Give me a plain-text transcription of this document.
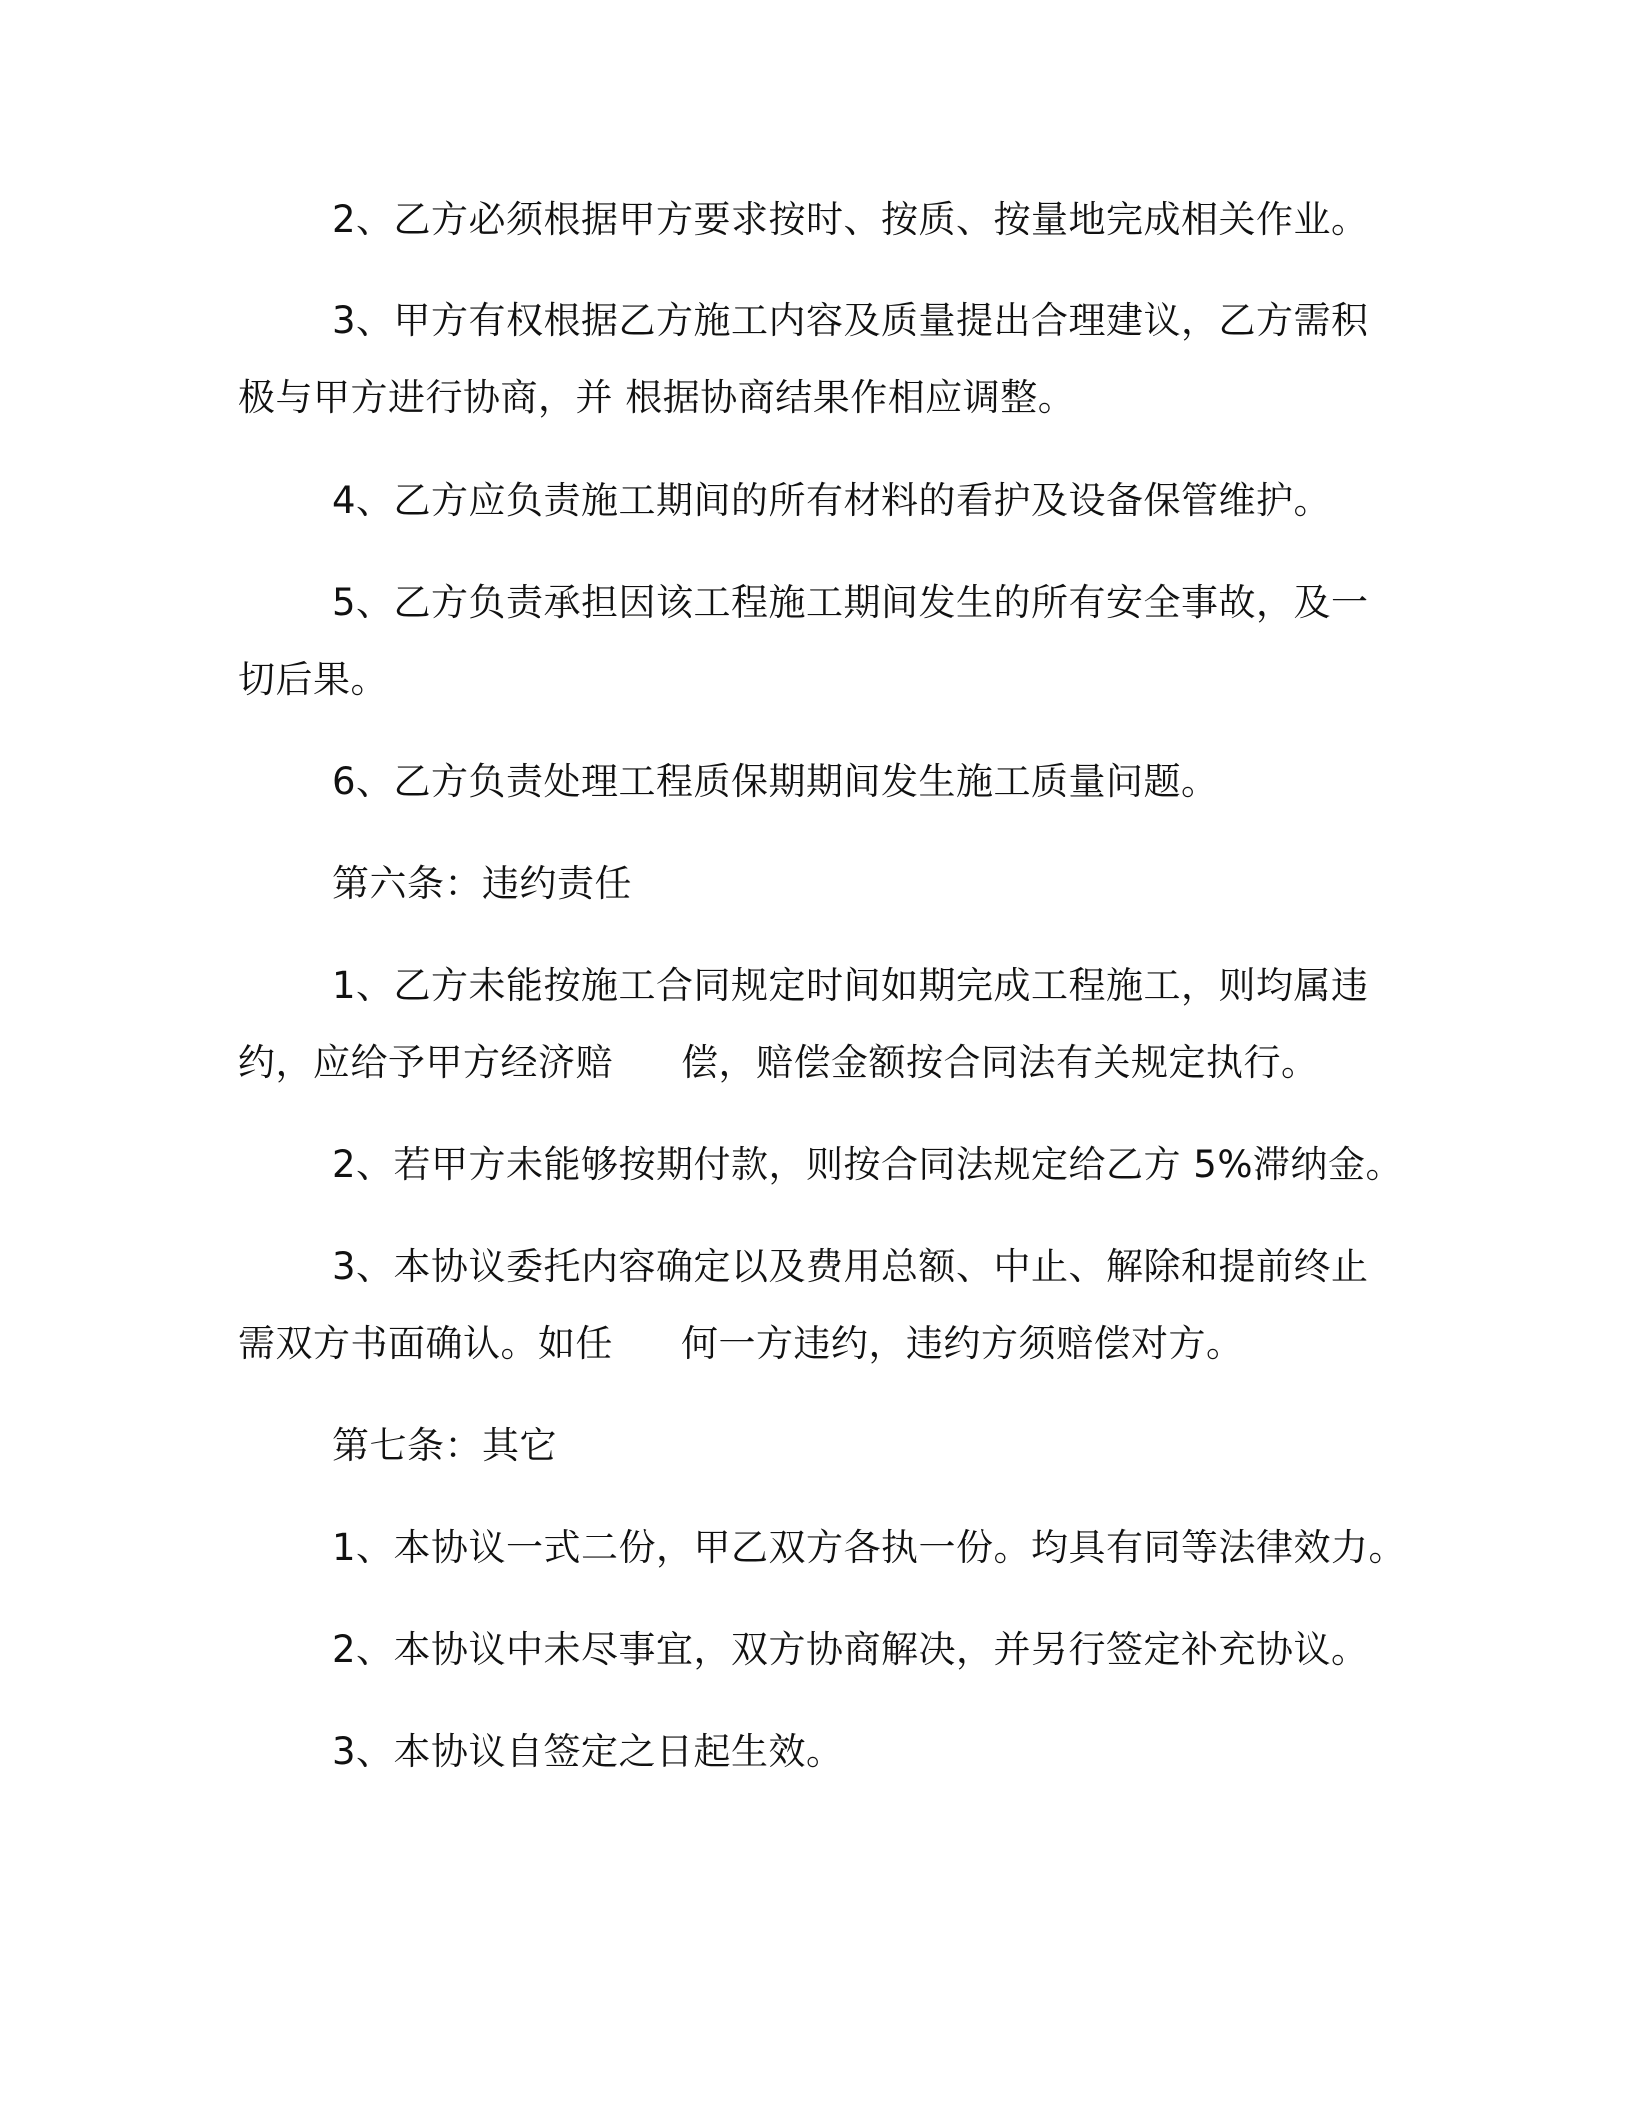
2、乙方必须根据甲方要求按时、按质、按量地完成相关作业。
3、甲方有权根据乙方施工内容及质量提出合理建议，乙方需积
极与甲方进行协商，并 根据协商结果作相应调整。
4、乙方应负责施工期间的所有材料的看护及设备保管维护。
5、乙方负责承担因该工程施工期间发生的所有安全事故，及一
切后果。
6、乙方负责处理工程质保期期间发生施工质量问题。
第六条：违约责任
1、乙方未能按施工合同规定时间如期完成工程施工，则均属违
约，应给予甲方经济赔 偿，赔偿金额按合同法有关规定执行。
2、若甲方未能够按期付款，则按合同法规定给乙方 5%滞纳金。
3、本协议委托内容确定以及费用总额、中止、解除和提前终止
需双方书面确认。如任 何一方违约，违约方须赔偿对方。
第七条：其它
1、本协议一式二份，甲乙双方各执一份。均具有同等法律效力。
2、本协议中未尽事宜，双方协商解决，并另行签定补充协议。
3、本协议自签定之日起生效。
